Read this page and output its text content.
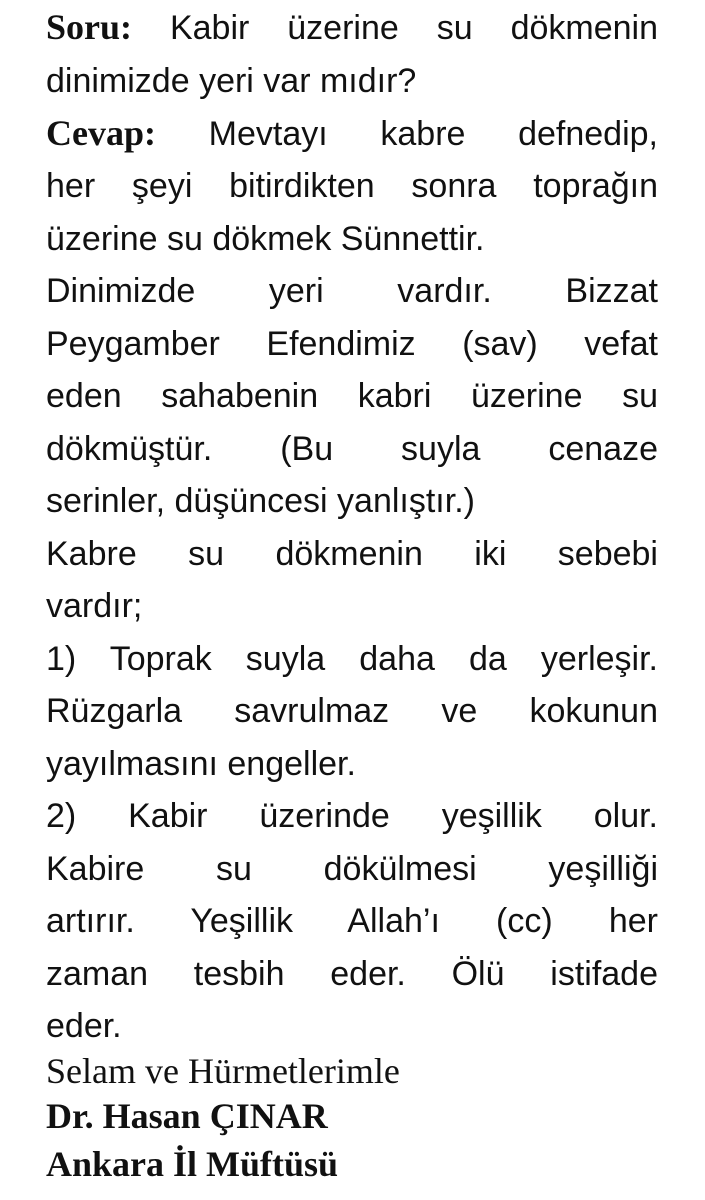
Soru: Kabir üzerine su dökmenin
dinimizde yeri var mıdır?
Cevap: Mevtayı kabre defnedip,
her şeyi bitirdikten sonra toprağın
üzerine su dökmek Sünnettir.
Dinimizde yeri vardır. Bizzat
Peygamber Efendimiz (sav) vefat
eden sahabenin kabri üzerine su
dökmüştür. (Bu suyla cenaze
serinler, düşüncesi yanlıştır.)
Kabre su dökmenin iki sebebi
vardır;
1) Toprak suyla daha da yerleşir.
Rüzgarla savrulmaz ve kokunun
yayılmasını engeller.
2) Kabir üzerinde yeşillik olur.
Kabire su dökülmesi yeşilliği
artırır. Yeşillik Allah’ı (cc) her
zaman tesbih eder. Ölü istifade
eder.
Selam ve Hürmetlerimle
Dr. Hasan ÇINAR
Ankara İl Müftüsü
